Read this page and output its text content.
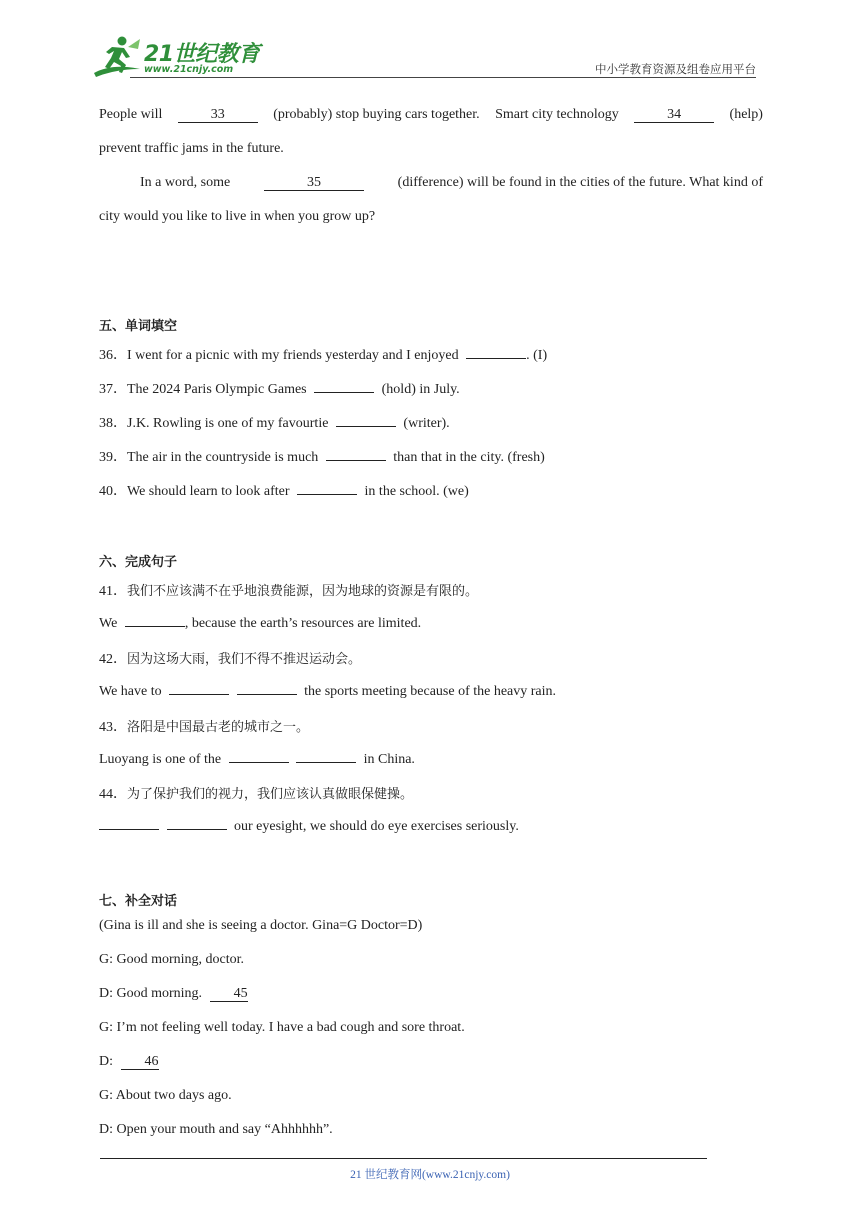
21世纪教育
www.21cnjy.com	中小学教育资源及组卷应用平台
People will	33	(probably) stop buying cars together. Smart city technology	34	(help)
prevent traffic jams in the future.
In a word, some	35	(difference) will be found in the cities of the future. What kind of
city would you like to live in when you grow up?
五、单词填空
36．I went for a picnic with my friends yesterday and I enjoyed	. (I)
37．The 2024 Paris Olympic Games	(hold) in July.
38．J.K. Rowling is one of my favourtie	(writer).
39．The air in the countryside is much	than that in the city. (fresh)
40．We should learn to look after	in the school. (we)
六、完成句子
41．我们不应该满不在乎地浪费能源，因为地球的资源是有限的。
We	, because the earth’s resources are limited.
42．因为这场大雨，我们不得不推迟运动会。
We have to	the sports meeting because of the heavy rain.
43．洛阳是中国最古老的城市之一。
Luoyang is one of the	in China.
44．为了保护我们的视力，我们应该认真做眼保健操。
our eyesight, we should do eye exercises seriously.
七、补全对话
(Gina is ill and she is seeing a doctor. Gina=G Doctor=D)
G: Good morning, doctor.
D: Good morning. 45
G: I’m not feeling well today. I have a bad cough and sore throat.
D: 46
G: About two days ago.
D: Open your mouth and say “Ahhhhhh”.
21 世纪教育网(www.21cnjy.com)
